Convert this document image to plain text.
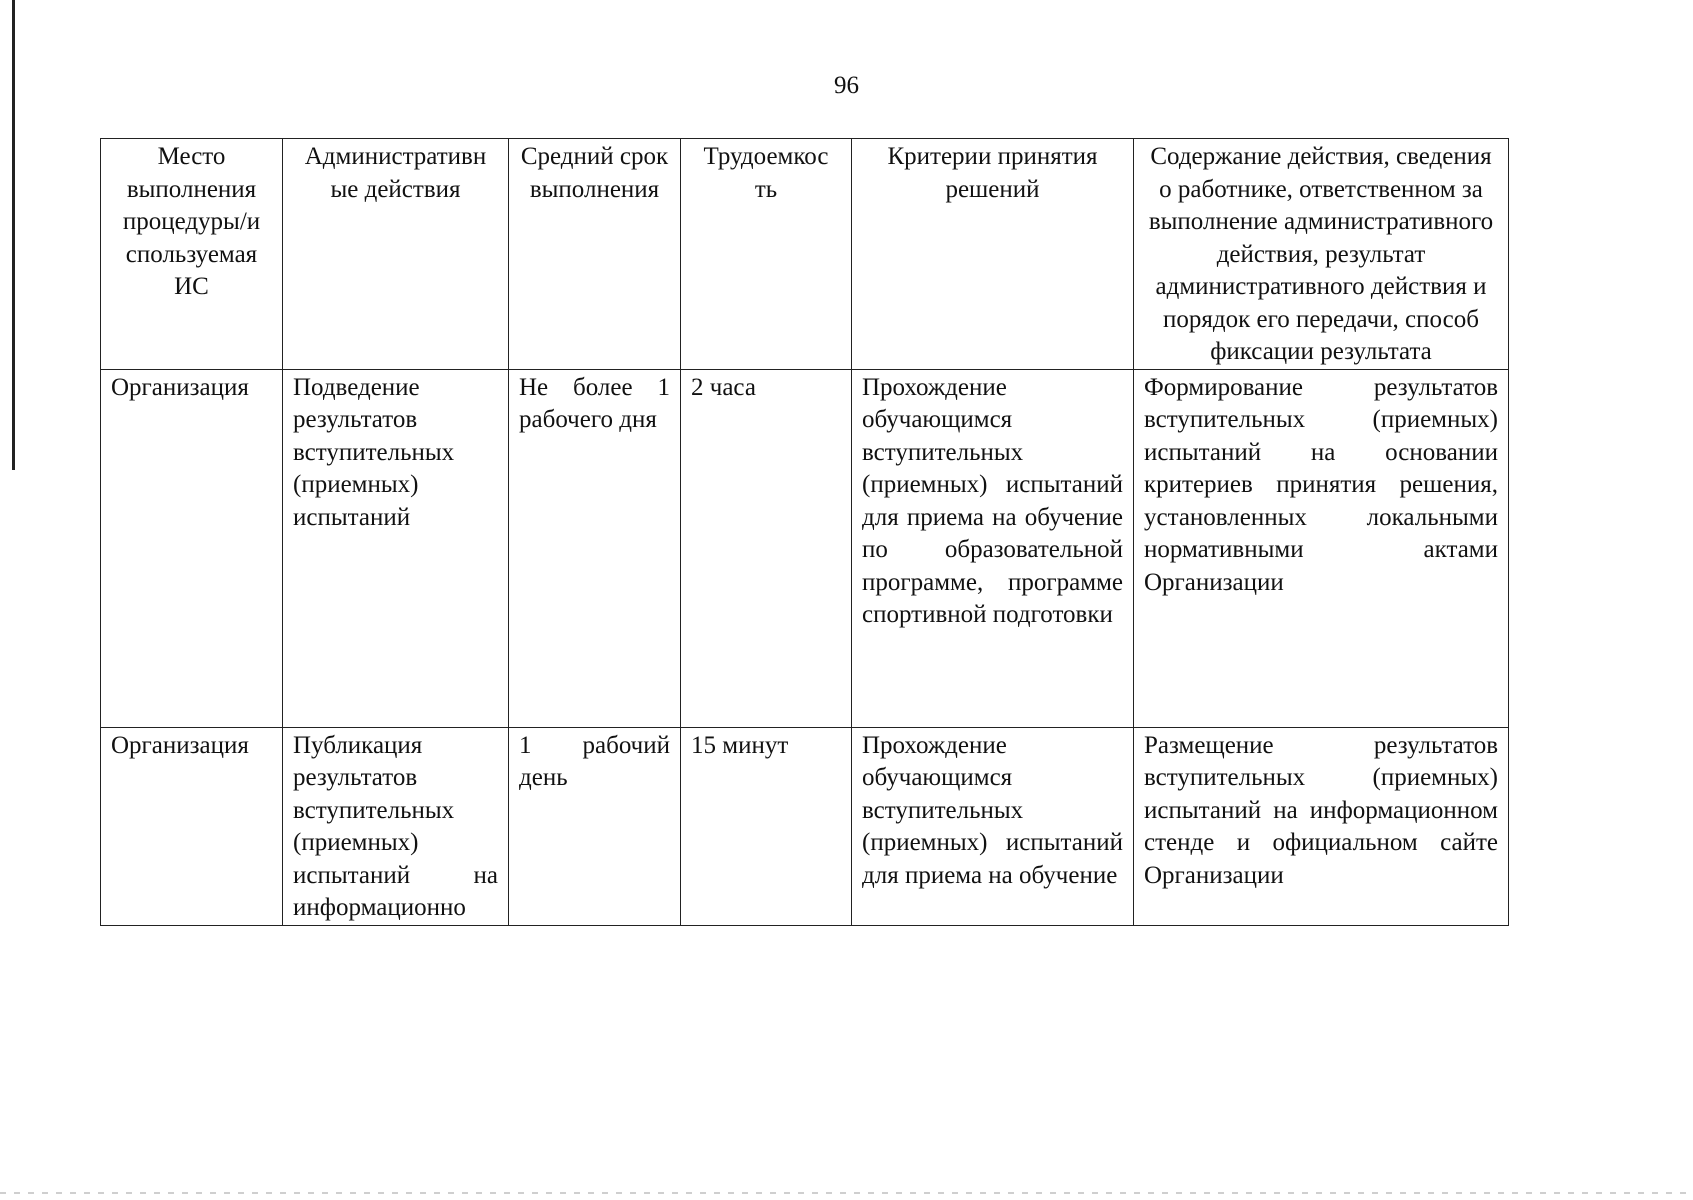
96
Место выполнения процедуры/и спользуемая ИС	Административн ые действия	Средний срок выполнения	Трудоемкос ть	Критерии принятия решений	Содержание действия, сведения о работнике, ответственном за выполнение административного действия, результат административного действия и порядок его передачи, способ фиксации результата
Организация	Подведение результатов вступительных (приемных) испытаний	Не более 1 рабочего дня	2 часа	Прохождение обучающимся вступительных (приемных) испытаний для приема на обучение по образовательной программе, программе спортивной подготовки	Формирование результатов вступительных (приемных) испытаний на основании критериев принятия решения, установленных локальными нормативными актами Организации
Организация	Публикация результатов вступительных (приемных) испытаний на информационно	1 рабочий день	15 минут	Прохождение обучающимся вступительных (приемных) испытаний для приема на обучение	Размещение результатов вступительных (приемных) испытаний на информационном стенде и официальном сайте Организации
